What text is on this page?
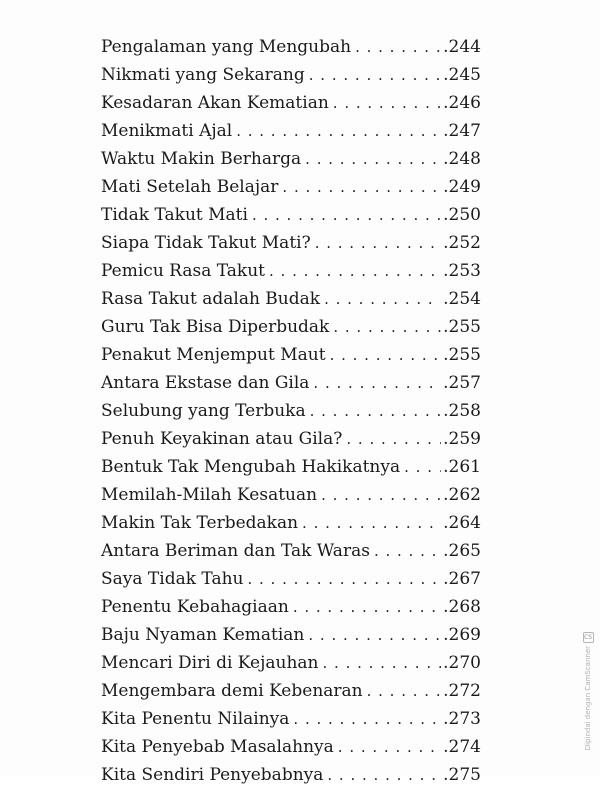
Pengalaman yang Mengubah . . .	. 244
Nikmati yang Sekarang . . .	. 245
Kesadaran Akan Kematian . . .	. 246
Menikmati Ajal . . .	. 247
Waktu Makin Berharga . . .	. 248
Mati Setelah Belajar . . .	. 249
Tidak Takut Mati . . .	. 250
Siapa Tidak Takut Mati? . . .	. 252
Pemicu Rasa Takut . . .	. 253
Rasa Takut adalah Budak . . .	. 254
Guru Tak Bisa Diperbudak . . .	. 255
Penakut Menjemput Maut . . .	. 255
Antara Ekstase dan Gila . . .	. 257
Selubung yang Terbuka . . .	. 258
Penuh Keyakinan atau Gila? . . .	. 259
Bentuk Tak Mengubah Hakikatnya . . .	. 261
Memilah-Milah Kesatuan . . .	. 262
Makin Tak Terbedakan . . .	. 264
Antara Beriman dan Tak Waras . . .	. 265
Saya Tidak Tahu . . .	. 267
Penentu Kebahagiaan . . .	. 268
Baju Nyaman Kematian . . .	. 269
Mencari Diri di Kejauhan . . .	. 270
Mengembara demi Kebenaran . . .	. 272
Kita Penentu Nilainya . . .	. 273
Kita Penyebab Masalahnya . . .	. 274
Kita Sendiri Penyebabnya . . .	. 275
CS
Dipindai dengan CamScanner
